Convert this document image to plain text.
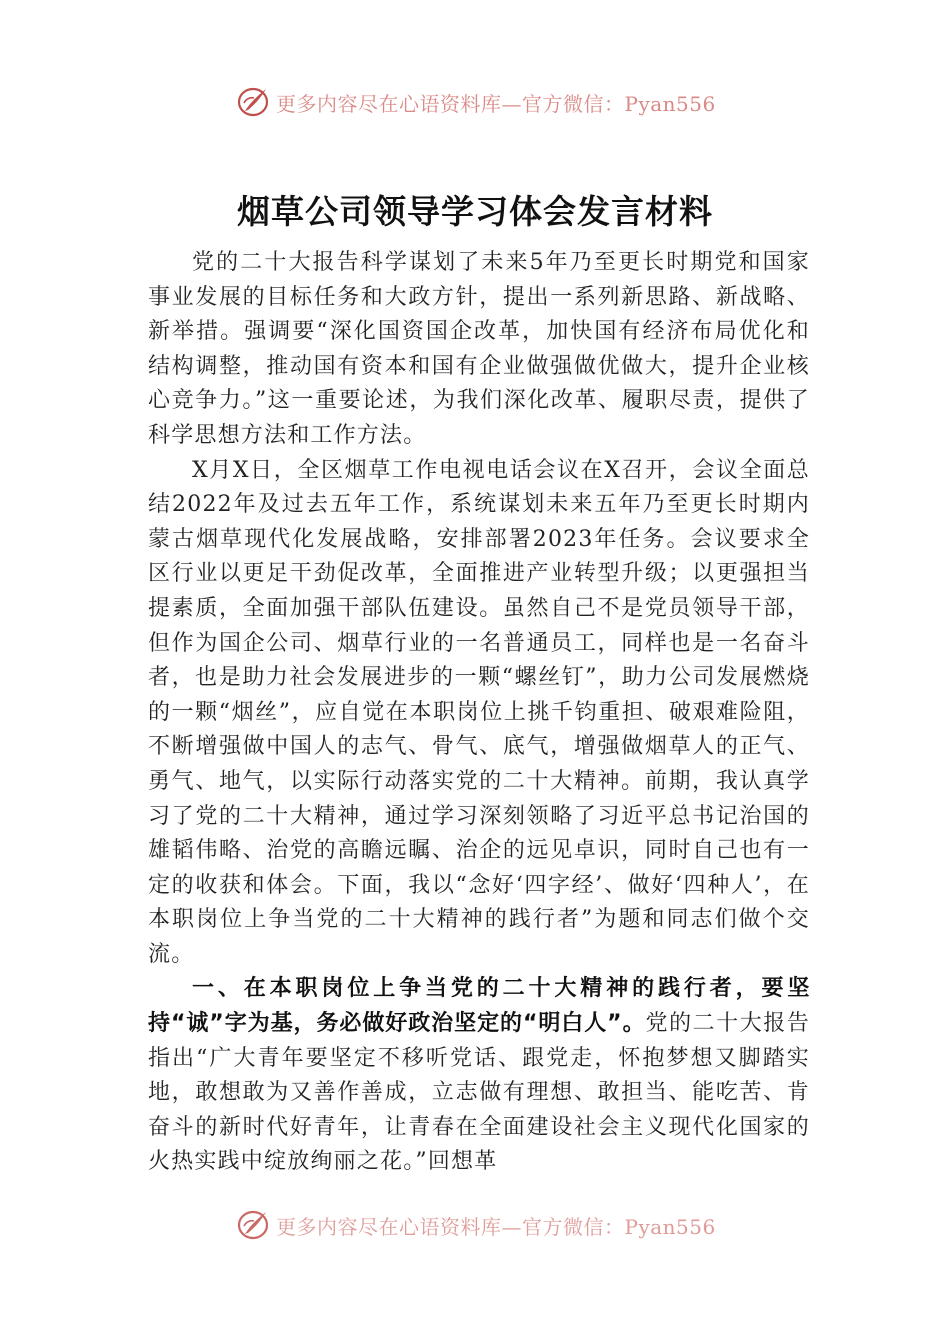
更多内容尽在心语资料库—官方微信：Pyan556
烟草公司领导学习体会发言材料

党的二十大报告科学谋划了未来5年乃至更长时期党和国家事业发展的目标任务和大政方针，提出一系列新思路、新战略、新举措。强调要“深化国资国企改革，加快国有经济布局优化和结构调整，推动国有资本和国有企业做强做优做大，提升企业核心竞争力。”这一重要论述，为我们深化改革、履职尽责，提供了科学思想方法和工作方法。

X月X日，全区烟草工作电视电话会议在X召开，会议全面总结2022年及过去五年工作，系统谋划未来五年乃至更长时期内蒙古烟草现代化发展战略，安排部署2023年任务。会议要求全区行业以更足干劲促改革，全面推进产业转型升级；以更强担当提素质，全面加强干部队伍建设。虽然自己不是党员领导干部，但作为国企公司、烟草行业的一名普通员工，同样也是一名奋斗者，也是助力社会发展进步的一颗“螺丝钉”，助力公司发展燃烧的一颗“烟丝”，应自觉在本职岗位上挑千钧重担、破艰难险阻，不断增强做中国人的志气、骨气、底气，增强做烟草人的正气、勇气、地气，以实际行动落实党的二十大精神。前期，我认真学习了党的二十大精神，通过学习深刻领略了习近平总书记治国的雄韬伟略、治党的高瞻远瞩、治企的远见卓识，同时自己也有一定的收获和体会。下面，我以“念好‘四字经’、做好‘四种人’，在本职岗位上争当党的二十大精神的践行者”为题和同志们做个交流。

一、在本职岗位上争当党的二十大精神的践行者，要坚持“诚”字为基，务必做好政治坚定的“明白人”。党的二十大报告指出“广大青年要坚定不移听党话、跟党走，怀抱梦想又脚踏实地，敢想敢为又善作善成，立志做有理想、敢担当、能吃苦、肯奋斗的新时代好青年，让青春在全面建设社会主义现代化国家的火热实践中绽放绚丽之花。”回想革

更多内容尽在心语资料库—官方微信：Pyan556
